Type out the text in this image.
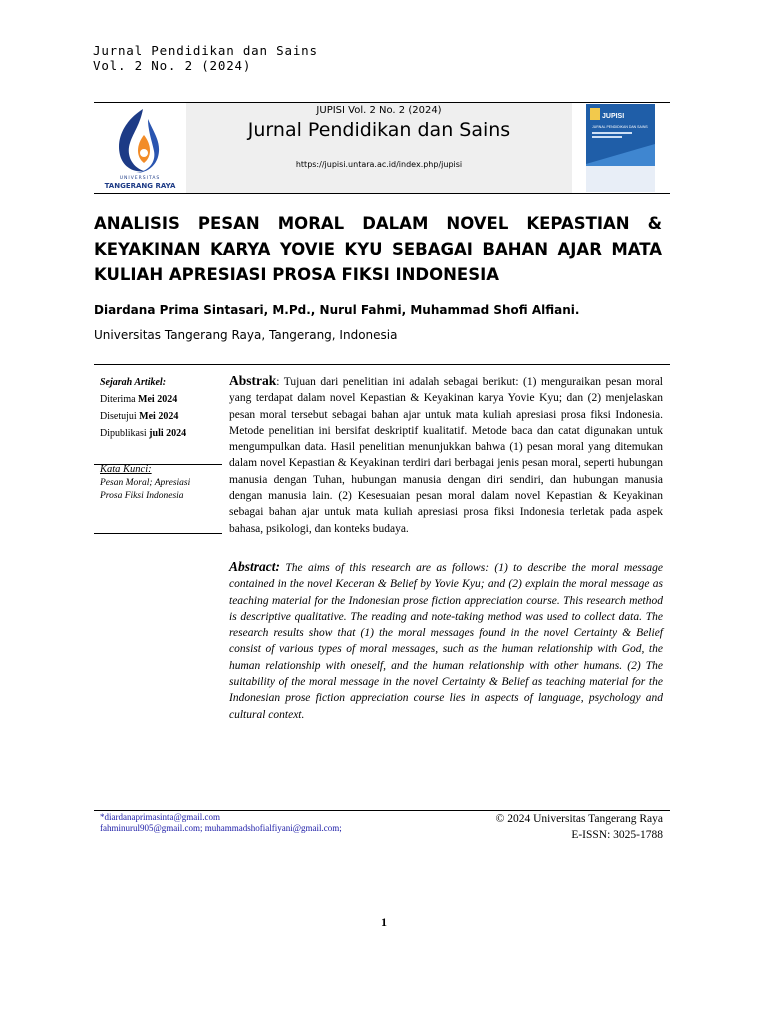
Jurnal Pendidikan dan Sains
Vol. 2 No. 2 (2024)
UNIVERSITAS
TANGERANG RAYA
JUPISI Vol. 2 No. 2 (2024)
Jurnal Pendidikan dan Sains
https://jupisi.untara.ac.id/index.php/jupisi
JUPISI
JURNAL PENDIDIKAN DAN SAINS
ANALISIS PESAN MORAL DALAM NOVEL KEPASTIAN & KEYAKINAN KARYA YOVIE KYU SEBAGAI BAHAN AJAR MATA KULIAH APRESIASI PROSA FIKSI INDONESIA
Diardana Prima Sintasari, M.Pd., Nurul Fahmi, Muhammad Shofi Alfiani.
Universitas Tangerang Raya, Tangerang, Indonesia
Sejarah Artikel:
Diterima Mei 2024
Disetujui Mei 2024
Dipublikasi juli 2024
Kata Kunci:
Pesan Moral; Apresiasi
Prosa Fiksi Indonesia
Abstrak: Tujuan dari penelitian ini adalah sebagai berikut: (1) menguraikan pesan moral yang terdapat dalam novel Kepastian & Keyakinan karya Yovie Kyu; dan (2) menjelaskan pesan moral tersebut sebagai bahan ajar untuk mata kuliah apresiasi prosa fiksi Indonesia. Metode penelitian ini bersifat deskriptif kualitatif. Metode baca dan catat digunakan untuk mengumpulkan data. Hasil penelitian menunjukkan bahwa (1) pesan moral yang ditemukan dalam novel Kepastian & Keyakinan terdiri dari berbagai jenis pesan moral, seperti hubungan manusia dengan Tuhan, hubungan manusia dengan diri sendiri, dan hubungan manusia dengan manusia lain. (2) Kesesuaian pesan moral dalam novel Kepastian & Keyakinan sebagai bahan ajar untuk mata kuliah apresiasi prosa fiksi Indonesia terletak pada aspek bahasa, psikologi, dan konteks budaya.
Abstract: The aims of this research are as follows: (1) to describe the moral message contained in the novel Keceran & Belief by Yovie Kyu; and (2) explain the moral message as teaching material for the Indonesian prose fiction appreciation course. This research method is descriptive qualitative. The reading and note-taking method was used to collect data. The research results show that (1) the moral messages found in the novel Certainty & Belief consist of various types of moral messages, such as the human relationship with God, the human relationship with oneself, and the human relationship with other humans. (2) The suitability of the moral message in the novel Certainty & Belief as teaching material for the Indonesian prose fiction appreciation course lies in aspects of language, psychology and cultural context.
*diardanaprimasinta@gmail.com
fahminurul905@gmail.com; muhammadshofialfiyani@gmail.com;
© 2024 Universitas Tangerang Raya
E-ISSN: 3025-1788
1
